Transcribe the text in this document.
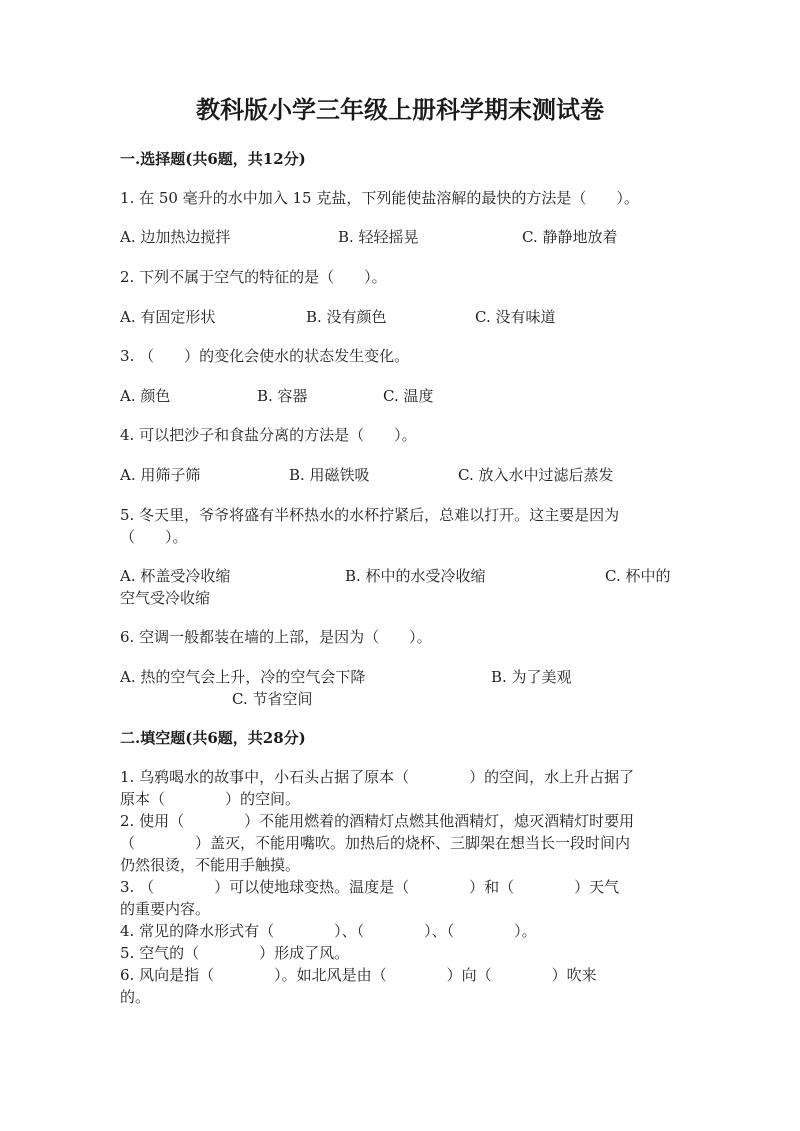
教科版小学三年级上册科学期末测试卷
一.选择题(共6题，共12分)
1. 在 50 毫升的水中加入 15 克盐，下列能使盐溶解的最快的方法是（　　）。
A. 边加热边搅拌	B. 轻轻摇晃	C. 静静地放着
2. 下列不属于空气的特征的是（　　）。
A. 有固定形状	B. 没有颜色	C. 没有味道
3. （　　）的变化会使水的状态发生变化。
A. 颜色	B. 容器	C. 温度
4. 可以把沙子和食盐分离的方法是（　　）。
A. 用筛子筛	B. 用磁铁吸	C. 放入水中过滤后蒸发
5. 冬天里，爷爷将盛有半杯热水的水杯拧紧后，总难以打开。这主要是因为
（　　）。
A. 杯盖受冷收缩	B. 杯中的水受冷收缩	C. 杯中的
空气受冷收缩
6. 空调一般都装在墙的上部，是因为（　　）。
A. 热的空气会上升，冷的空气会下降	B. 为了美观
C. 节省空间
二.填空题(共6题，共28分)
1. 乌鸦喝水的故事中，小石头占据了原本（　　　　）的空间，水上升占据了
原本（　　　　）的空间。
2. 使用（　　　　）不能用燃着的酒精灯点燃其他酒精灯，熄灭酒精灯时要用
（　　　　）盖灭，不能用嘴吹。加热后的烧杯、三脚架在想当长一段时间内
仍然很烫，不能用手触摸。
3. （　　　　）可以使地球变热。温度是（　　　　）和（　　　　）天气
的重要内容。
4. 常见的降水形式有（　　　　）、（　　　　）、（　　　　）。
5. 空气的（　　　　）形成了风。
6. 风向是指（　　　　）。如北风是由（　　　　）向（　　　　）吹来
的。
